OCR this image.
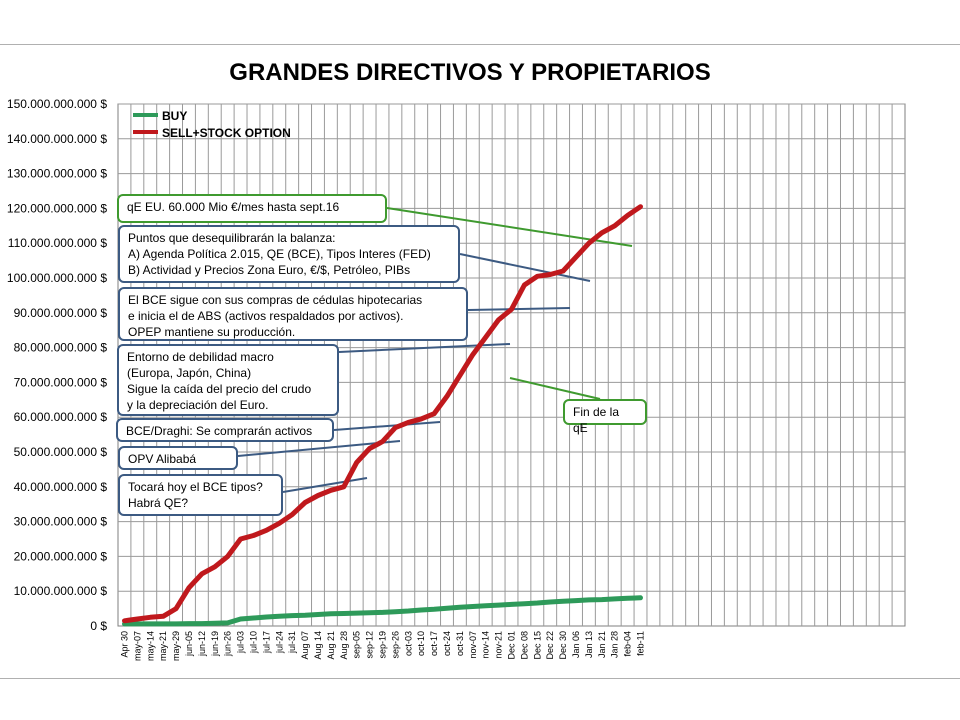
0 $
10.000.000.000 $
20.000.000.000 $
30.000.000.000 $
40.000.000.000 $
50.000.000.000 $
60.000.000.000 $
70.000.000.000 $
80.000.000.000 $
90.000.000.000 $
100.000.000.000 $
110.000.000.000 $
120.000.000.000 $
130.000.000.000 $
140.000.000.000 $
150.000.000.000 $
Apr 30 may-07 may-14 may-21 may-29 jun-05 jun-12 jun-19 jun-26 jul-03 jul-10 jul-17 jul-24 jul-31 Aug 07 Aug 14 Aug 21 Aug 28 sep-05 sep-12 sep-19 sep-26 oct-03 oct-10 oct-17 oct-24 oct-31 nov-07 nov-14 nov-21 Dec 01 Dec 08 Dec 15 Dec 22 Dec 30 Jan 06 Jan 13 Jan 21 Jan 28 feb-04 feb-11
BUY
SELL+STOCK OPTION
GRANDES DIRECTIVOS Y PROPIETARIOS
qE EU. 60.000 Mio €/mes hasta sept.16
Puntos que desequilibrarán la balanza:
A) Agenda Política 2.015, QE (BCE), Tipos Interes (FED)
B) Actividad y Precios Zona Euro, €/$, Petróleo, PIBs
El BCE sigue con sus compras de cédulas hipotecarias
e inicia el de ABS (activos respaldados por activos).
OPEP mantiene su producción.
Entorno de debilidad macro
(Europa, Japón, China)
Sigue la caída del precio del crudo
y la depreciación del Euro.
BCE/Draghi: Se comprarán activos
OPV Alibabá
Tocará hoy el BCE tipos?
Habrá QE?
Fin de la qE
